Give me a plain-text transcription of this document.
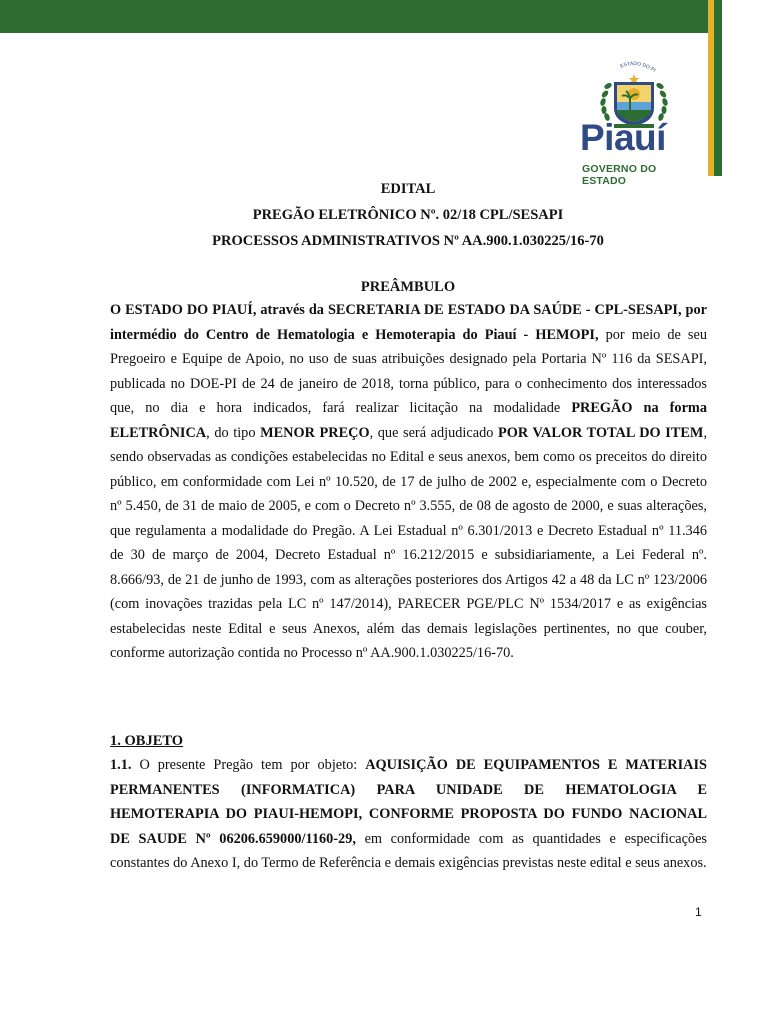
ESTADO DO PI
Piauí
GOVERNO DO ESTADO
EDITAL
PREGÃO ELETRÔNICO Nº. 02/18 CPL/SESAPI
PROCESSOS ADMINISTRATIVOS Nº AA.900.1.030225/16-70
PREÂMBULO
O ESTADO DO PIAUÍ, através da SECRETARIA DE ESTADO DA SAÚDE - CPL-SESAPI, por intermédio do Centro de Hematologia e Hemoterapia do Piauí - HEMOPI, por meio de seu Pregoeiro e Equipe de Apoio, no uso de suas atribuições designado pela Portaria Nº 116 da SESAPI, publicada no DOE-PI de 24 de janeiro de 2018, torna público, para o conhecimento dos interessados que, no dia e hora indicados, fará realizar licitação na modalidade PREGÃO na forma ELETRÔNICA, do tipo MENOR PREÇO, que será adjudicado POR VALOR TOTAL DO ITEM, sendo observadas as condições estabelecidas no Edital e seus anexos, bem como os preceitos do direito público, em conformidade com Lei nº 10.520, de 17 de julho de 2002 e, especialmente com o Decreto nº 5.450, de 31 de maio de 2005, e com o Decreto nº 3.555, de 08 de agosto de 2000, e suas alterações, que regulamenta a modalidade do Pregão. A Lei Estadual nº 6.301/2013 e Decreto Estadual nº 11.346 de 30 de março de 2004, Decreto Estadual nº 16.212/2015 e subsidiariamente, a Lei Federal nº. 8.666/93, de 21 de junho de 1993, com as alterações posteriores dos Artigos 42 a 48 da LC nº 123/2006 (com inovações trazidas pela LC nº 147/2014), PARECER PGE/PLC Nº 1534/2017 e as exigências estabelecidas neste Edital e seus Anexos, além das demais legislações pertinentes, no que couber, conforme autorização contida no Processo nº AA.900.1.030225/16-70.
1. OBJETO
1.1. O presente Pregão tem por objeto: AQUISIÇÃO DE EQUIPAMENTOS E MATERIAIS PERMANENTES (INFORMATICA) PARA UNIDADE DE HEMATOLOGIA E HEMOTERAPIA DO PIAUI-HEMOPI, CONFORME PROPOSTA DO FUNDO NACIONAL DE SAUDE Nº 06206.659000/1160-29, em conformidade com as quantidades e especificações constantes do Anexo I, do Termo de Referência e demais exigências previstas neste edital e seus anexos.
1
